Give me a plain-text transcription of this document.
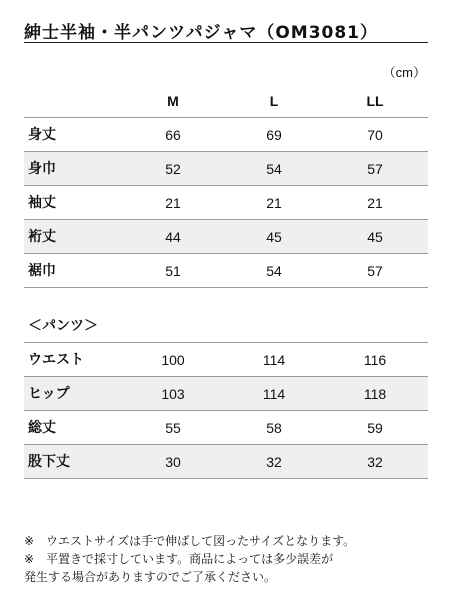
紳士半袖・半パンツパジャマ（OM3081）
（cm）
M	L	LL
身丈	66	69	70
身巾	52	54	57
袖丈	21	21	21
裄丈	44	45	45
裾巾	51	54	57
＜パンツ＞
ウエスト	100	114	116
ヒップ	103	114	118
総丈	55	58	59
股下丈	30	32	32
※　ウエストサイズは手で伸ばして図ったサイズとなります。
※　平置きで採寸しています。商品によっては多少誤差が
発生する場合がありますのでご了承ください。
